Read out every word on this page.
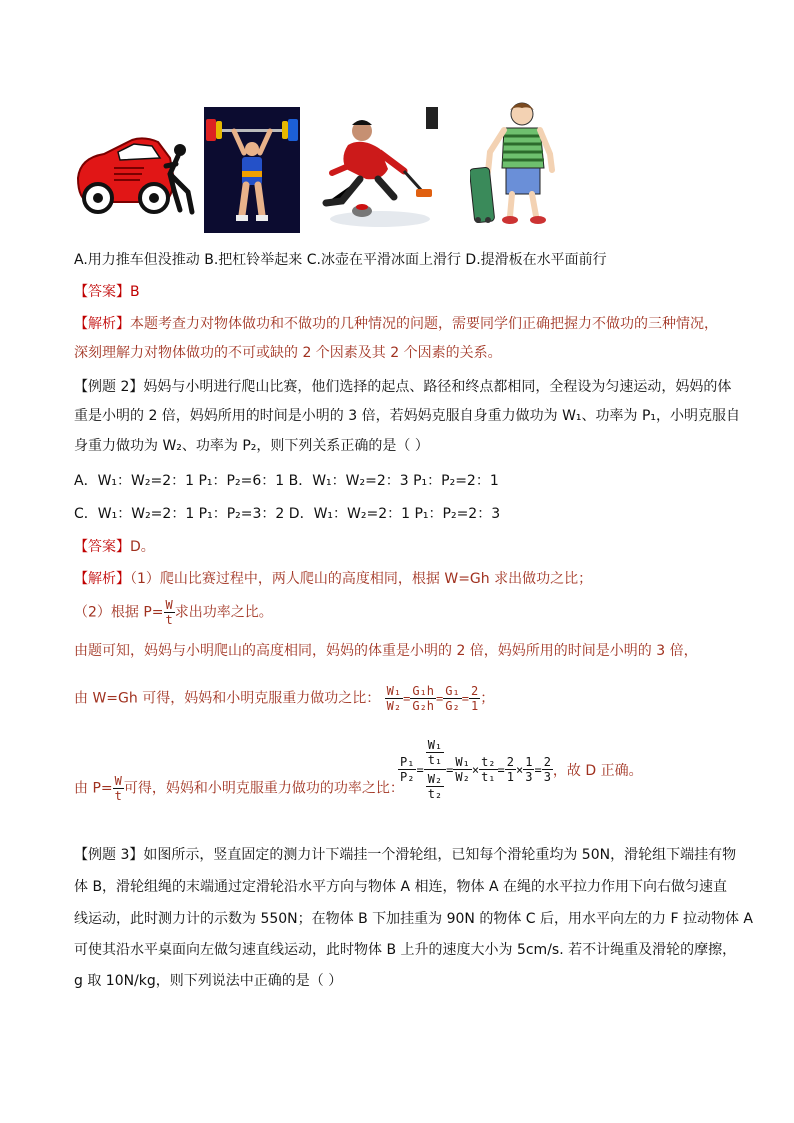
A.用力推车但没推动 B.把杠铃举起来 C.冰壶在平滑冰面上滑行 D.提滑板在水平面前行
【答案】B
【解析】本题考查力对物体做功和不做功的几种情况的问题，需要同学们正确把握力不做功的三种情况，
深刻理解力对物体做功的不可或缺的 2 个因素及其 2 个因素的关系。
【例题 2】妈妈与小明进行爬山比赛，他们选择的起点、路径和终点都相同，全程设为匀速运动，妈妈的体
重是小明的 2 倍，妈妈所用的时间是小明的 3 倍，若妈妈克服自身重力做功为 W₁、功率为 P₁，小明克服自
身重力做功为 W₂、功率为 P₂，则下列关系正确的是（ ）
A．W₁：W₂=2：1 P₁：P₂=6：1 B．W₁：W₂=2：3 P₁：P₂=2：1
C．W₁：W₂=2：1 P₁：P₂=3：2 D．W₁：W₂=2：1 P₁：P₂=2：3
【答案】D。
【解析】（1）爬山比赛过程中，两人爬山的高度相同，根据 W=Gh 求出做功之比；
（2）根据 $P= \frac{W}{t}$ 求出功率之比。
由题可知，妈妈与小明爬山的高度相同，妈妈的体重是小明的 2 倍，妈妈所用的时间是小明的 3 倍，
由 W=Gh 可得，妈妈和小明克服重力做功之比： $\frac{\text{W₁}}{\text{W₂}} = \frac{\text{G₁h}}{\text{G₂h}} = \frac{\text{G₁}}{\text{G₂}} = \frac{2}{1}$ ；
由 $P= \frac{W}{t}$ 可得，妈妈和小明克服重力做功的功率之比：
$\frac{\text{P₁}}{\text{P₂}} = \frac{\frac{\text{W₁}}{\text{t₁}}}{\frac{\text{W₂}}{\text{t₂}}} = \frac{\text{W₁}}{\text{W₂}} \times \frac{\text{t₂}}{\text{t₁}} = \frac{2}{1} \times \frac{1}{3} = \frac{2}{3}$ ，故 D 正确。
【例题 3】如图所示，竖直固定的测力计下端挂一个滑轮组，已知每个滑轮重均为 50N，滑轮组下端挂有物
体 B，滑轮组绳的末端通过定滑轮沿水平方向与物体 A 相连，物体 A 在绳的水平拉力作用下向右做匀速直
线运动，此时测力计的示数为 550N；在物体 B 下加挂重为 90N 的物体 C 后，用水平向左的力 F 拉动物体 A
可使其沿水平桌面向左做匀速直线运动，此时物体 B 上升的速度大小为 5cm/s. 若不计绳重及滑轮的摩擦，
g 取 10N/kg，则下列说法中正确的是（ ）
